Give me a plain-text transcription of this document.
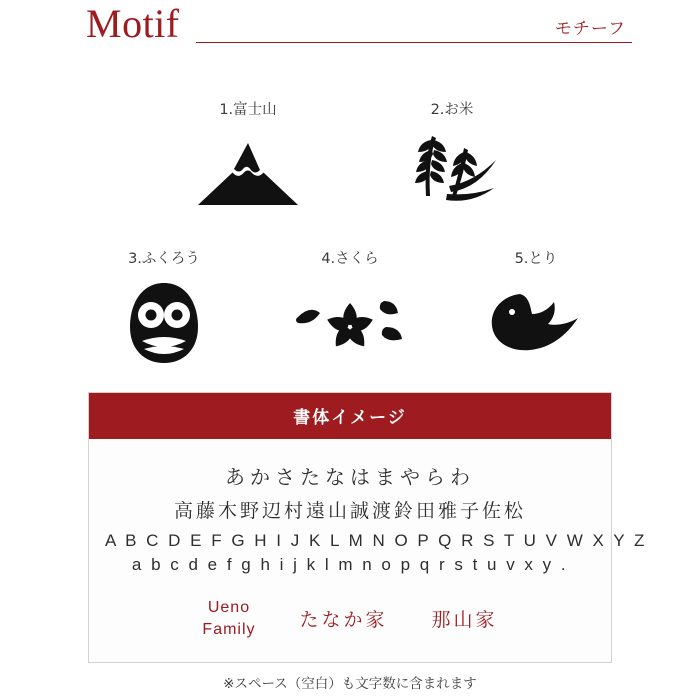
Motif	モチーフ
1.富士山	2.お米
3.ふくろう	4.さくら	5.とり
書体イメージ
あかさたなはまやらわ
高藤木野辺村遠山誠渡鈴田雅子佐松
A B C D E F G H I J K L M N O P Q R S T U V W X Y Z
a b c d e f g h i j k l m n o p q r s t u v x y .
Ueno
Family たなか家 那山家
※スペース（空白）も文字数に含まれます
